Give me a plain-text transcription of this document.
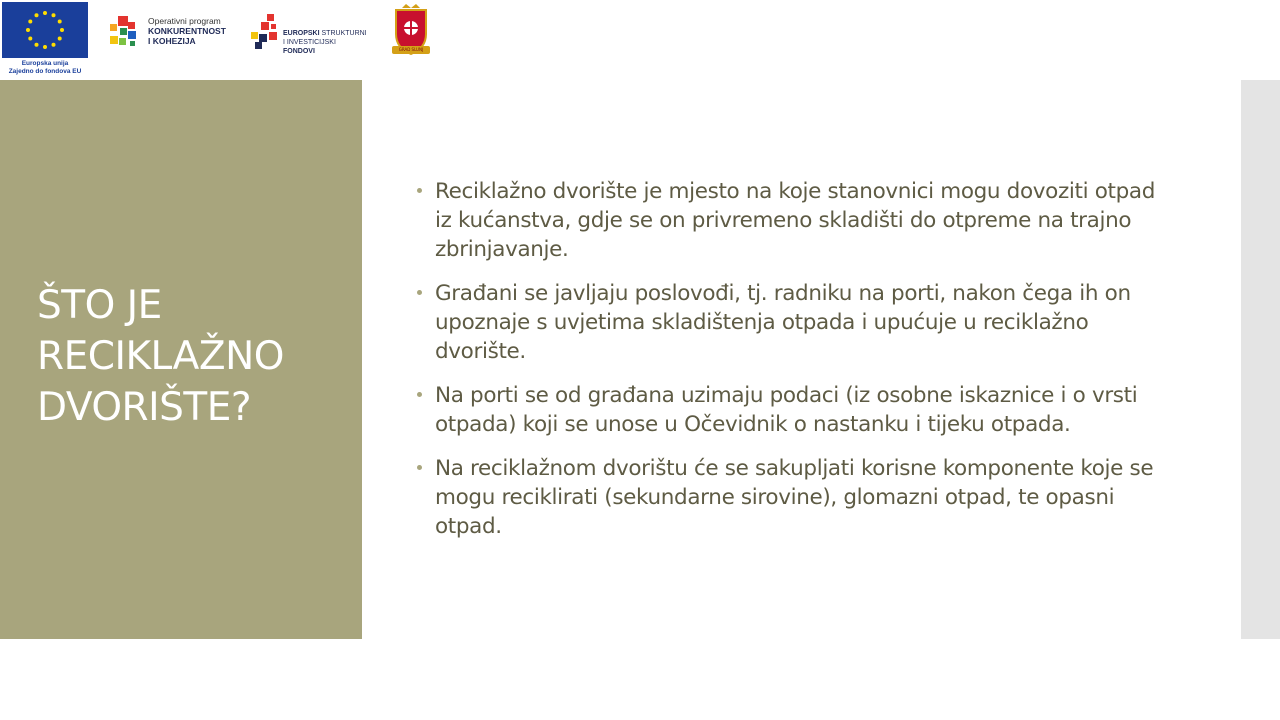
Europska unija
Zajedno do fondova EU
Operativni program
KONKURENTNOST
I KOHEZIJA
EUROPSKI STRUKTURNI
I INVESTICIJSKI FONDOVI	GRAD SLUNJ
ŠTO JE RECIKLAŽNO DVORIŠTE?
Reciklažno dvorište je mjesto na koje stanovnici mogu dovoziti otpad iz kućanstva, gdje se on privremeno skladišti do otpreme na trajno zbrinjavanje.
Građani se javljaju poslovođi, tj. radniku na porti, nakon čega ih on upoznaje s uvjetima skladištenja otpada i upućuje u reciklažno dvorište.
Na porti se od građana uzimaju podaci (iz osobne iskaznice i o vrsti otpada) koji se unose u Očevidnik o nastanku i tijeku otpada.
Na reciklažnom dvorištu će se sakupljati korisne komponente koje se mogu reciklirati (sekundarne sirovine), glomazni otpad, te opasni otpad.
